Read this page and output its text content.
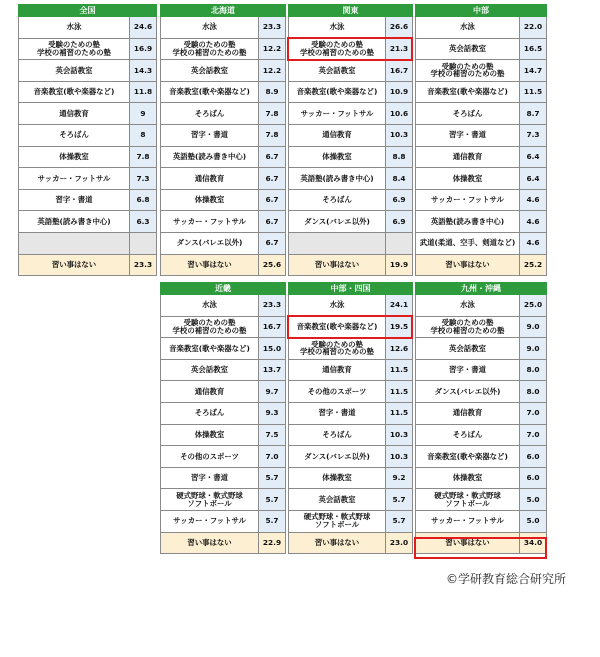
全国	
水泳	24.6
受験のための塾
学校の補習のための塾	16.9
英会話教室	14.3
音楽教室(歌や楽器など)	11.8
通信教育	9
そろばん	8
体操教室	7.8
サッカー・フットサル	7.3
習字・書道	6.8
英語塾(読み書き中心)	6.3

習い事はない	23.3
北海道	
水泳	23.3
受験のための塾
学校の補習のための塾	12.2
英会話教室	12.2
音楽教室(歌や楽器など)	8.9
そろばん	7.8
習字・書道	7.8
英語塾(読み書き中心)	6.7
通信教育	6.7
体操教室	6.7
サッカー・フットサル	6.7
ダンス(バレエ以外)	6.7
習い事はない	25.6
関東	
水泳	26.6
受験のための塾
学校の補習のための塾	21.3
英会話教室	16.7
音楽教室(歌や楽器など)	10.9
サッカー・フットサル	10.6
通信教育	10.3
体操教室	8.8
英語塾(読み書き中心)	8.4
そろばん	6.9
ダンス(バレエ以外)	6.9

習い事はない	19.9
中部	
水泳	22.0
英会話教室	16.5
受験のための塾
学校の補習のための塾	14.7
音楽教室(歌や楽器など)	11.5
そろばん	8.7
習字・書道	7.3
通信教育	6.4
体操教室	6.4
サッカー・フットサル	4.6
英語塾(読み書き中心)	4.6
武道(柔道、空手、剣道など)	4.6
習い事はない	25.2
近畿	
水泳	23.3
受験のための塾
学校の補習のための塾	16.7
音楽教室(歌や楽器など)	15.0
英会話教室	13.7
通信教育	9.7
そろばん	9.3
体操教室	7.5
その他のスポーツ	7.0
習字・書道	5.7
硬式野球・軟式野球
ソフトボール	5.7
サッカー・フットサル	5.7
習い事はない	22.9
中部・四国	
水泳	24.1
音楽教室(歌や楽器など)	19.5
受験のための塾
学校の補習のための塾	12.6
通信教育	11.5
その他のスポーツ	11.5
習字・書道	11.5
そろばん	10.3
ダンス(バレエ以外)	10.3
体操教室	9.2
英会話教室	5.7
硬式野球・軟式野球
ソフトボール	5.7
習い事はない	23.0
九州・沖縄	
水泳	25.0
受験のための塾
学校の補習のための塾	9.0
英会話教室	9.0
習字・書道	8.0
ダンス(バレエ以外)	8.0
通信教育	7.0
そろばん	7.0
音楽教室(歌や楽器など)	6.0
体操教室	6.0
硬式野球・軟式野球
ソフトボール	5.0
サッカー・フットサル	5.0
習い事はない	34.0
©学研教育総合研究所
